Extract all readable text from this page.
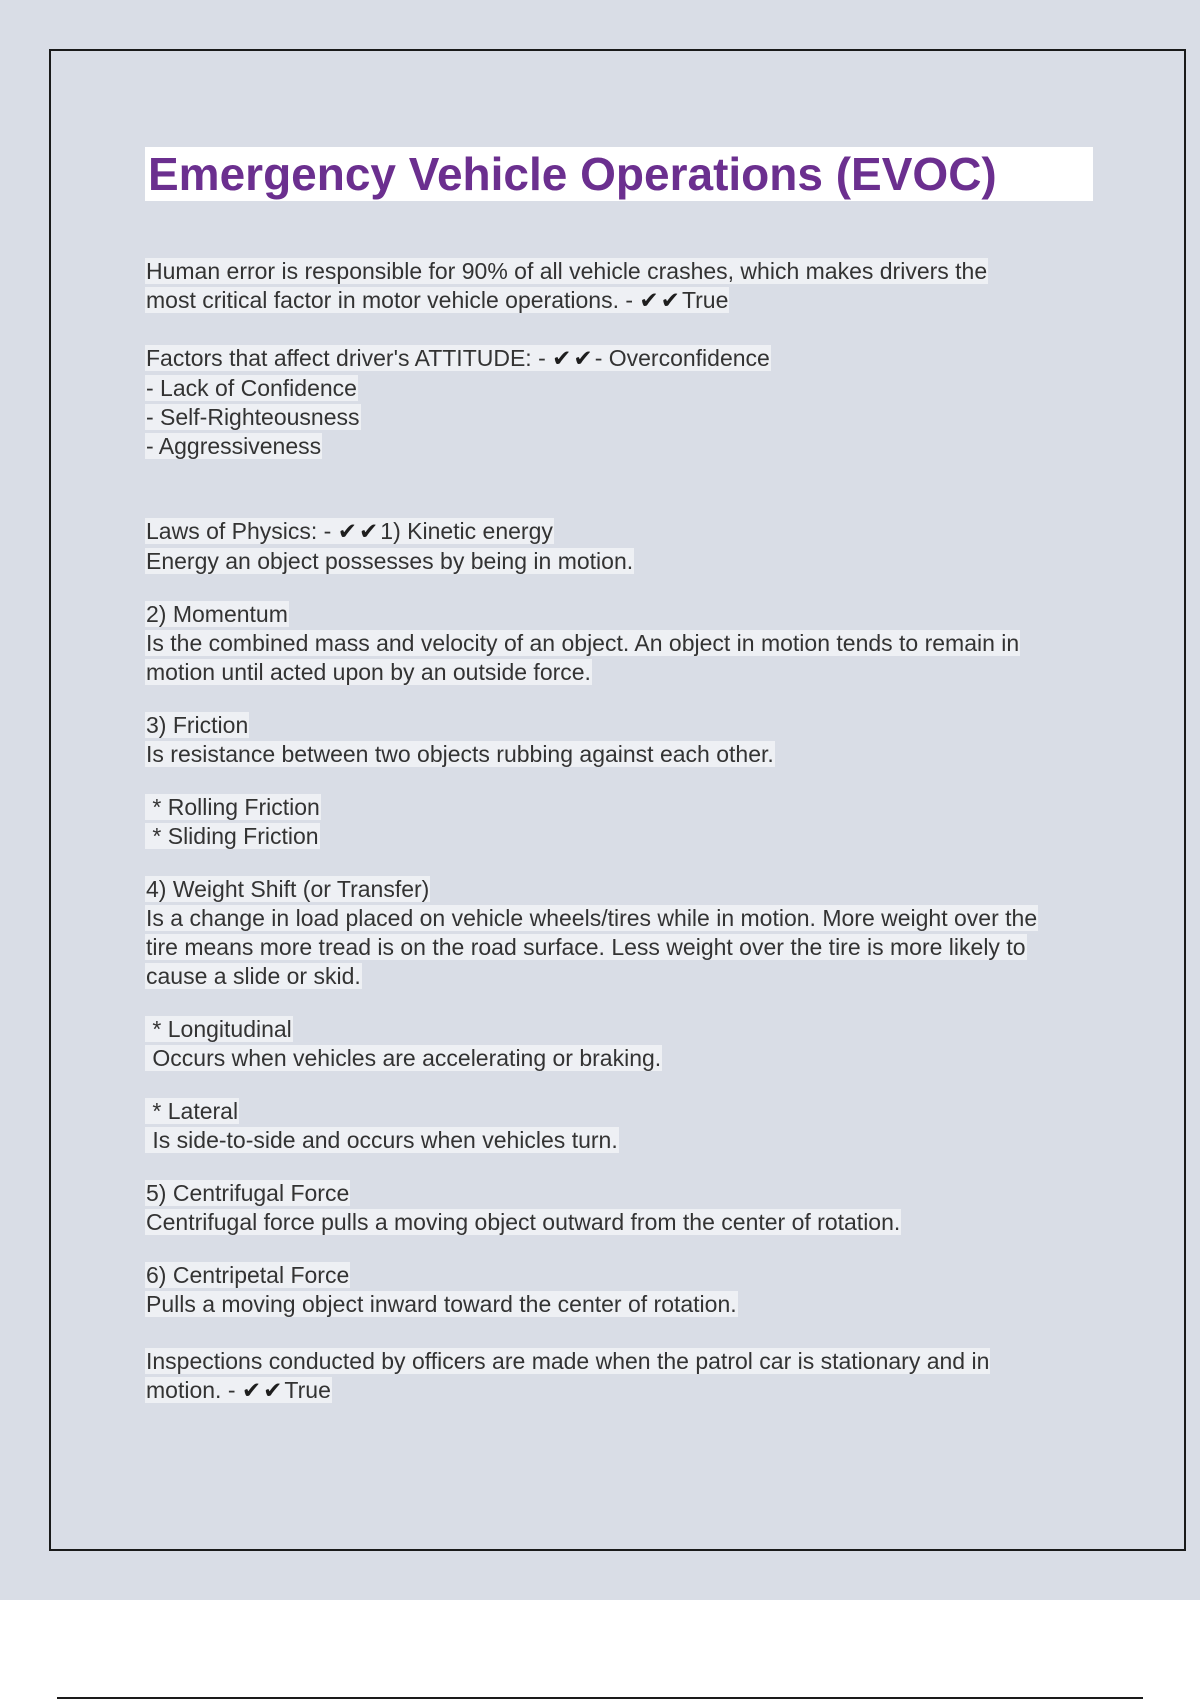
Emergency Vehicle Operations (EVOC)
Human error is responsible for 90% of all vehicle crashes, which makes drivers the
most critical factor in motor vehicle operations. - ✔✔True
Factors that affect driver's ATTITUDE: - ✔✔- Overconfidence
- Lack of Confidence
- Self-Righteousness
- Aggressiveness
Laws of Physics: - ✔✔1) Kinetic energy
Energy an object possesses by being in motion.
2) Momentum
Is the combined mass and velocity of an object. An object in motion tends to remain in
motion until acted upon by an outside force.
3) Friction
Is resistance between two objects rubbing against each other.
* Rolling Friction
* Sliding Friction
4) Weight Shift (or Transfer)
Is a change in load placed on vehicle wheels/tires while in motion. More weight over the
tire means more tread is on the road surface. Less weight over the tire is more likely to
cause a slide or skid.
* Longitudinal
Occurs when vehicles are accelerating or braking.
* Lateral
Is side-to-side and occurs when vehicles turn.
5) Centrifugal Force
Centrifugal force pulls a moving object outward from the center of rotation.
6) Centripetal Force
Pulls a moving object inward toward the center of rotation.
Inspections conducted by officers are made when the patrol car is stationary and in
motion. - ✔✔True
